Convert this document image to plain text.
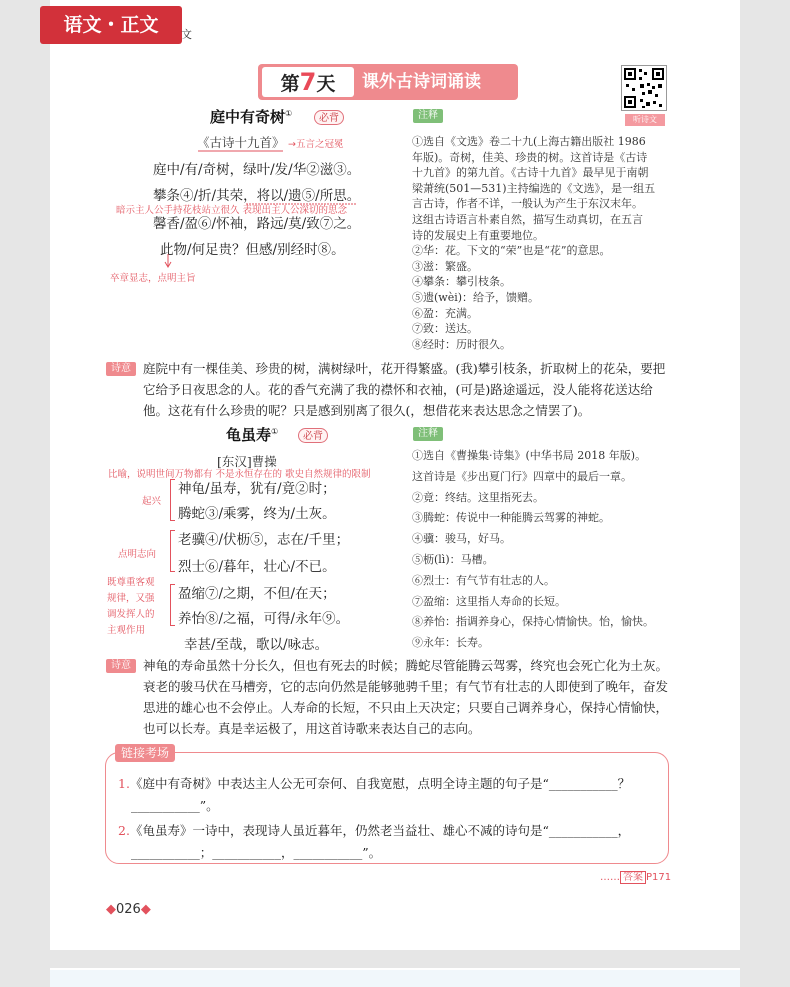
语文・正文	文
第7天	课外古诗词诵读
听诗文
庭中有奇树①	必背
《古诗十九首》 →五言之冠冕
庭中/有/奇树，绿叶/发/华②滋③。
攀条④/折/其荣，将以/遗⑤/所思。
暗示主人公手持花枝站立很久 表现出主人公深切的思念
馨香/盈⑥/怀袖，路远/莫/致⑦之。
此物/何足贵？但感/别经时⑧。
卒章显志，点明主旨
注释
①选自《文选》卷二十九(上海古籍出版社 1986
年版)。奇树，佳美、珍贵的树。这首诗是《古诗
十九首》的第九首。《古诗十九首》最早见于南朝
梁萧统(501—531)主持编选的《文选》，是一组五
言古诗，作者不详，一般认为产生于东汉末年。
这组古诗语言朴素自然，描写生动真切，在五言
诗的发展史上有重要地位。
②华：花。下文的“荣”也是“花”的意思。
③滋：繁盛。
④攀条：攀引枝条。
⑤遗(wèi)：给予，馈赠。
⑥盈：充满。
⑦致：送达。
⑧经时：历时很久。
诗意 庭院中有一棵佳美、珍贵的树，满树绿叶，花开得繁盛。(我)攀引枝条，折取树上的花朵，要把它给予日夜思念的人。花的香气充满了我的襟怀和衣袖，(可是)路途遥远，没人能将花送达给他。这花有什么珍贵的呢？只是感到别离了很久(，想借花来表达思念之情罢了)。
龟虽寿①	必背
[东汉]曹操
比喻，说明世间万物都有 不是永恒存在的 歌史自然规律的限制
神龟/虽寿，犹有/竟②时；
腾蛇③/乘雾，终为/土灰。
老骥④/伏枥⑤，志在/千里；
烈士⑥/暮年，壮心/不已。
盈缩⑦/之期，不但/在天；
养怡⑧/之福，可得/永年⑨。
幸甚/至哉，歌以/咏志。
起兴
点明志向
既尊重客观
规律，又强
调发挥人的
主观作用
注释
①选自《曹操集·诗集》(中华书局 2018 年版)。
这首诗是《步出夏门行》四章中的最后一章。
②竟：终结。这里指死去。
③腾蛇：传说中一种能腾云驾雾的神蛇。
④骥：骏马，好马。
⑤枥(lì)：马槽。
⑥烈士：有气节有壮志的人。
⑦盈缩：这里指人寿命的长短。
⑧养怡：指调养身心，保持心情愉快。怡，愉快。
⑨永年：长寿。
诗意 神龟的寿命虽然十分长久，但也有死去的时候；腾蛇尽管能腾云驾雾，终究也会死亡化为土灰。衰老的骏马伏在马槽旁，它的志向仍然是能够驰骋千里；有气节有壮志的人即使到了晚年，奋发思进的雄心也不会停止。人寿命的长短，不只由上天决定；只要自己调养身心，保持心情愉快，也可以长寿。真是幸运极了，用这首诗歌来表达自己的志向。
链接考场
1.《庭中有奇树》中表达主人公无可奈何、自我宽慰，点明全诗主题的句子是“___________？
___________”。
2.《龟虽寿》一诗中，表现诗人虽近暮年，仍然老当益壮、雄心不减的诗句是“___________，
___________；___________，___________”。
…… 答案 P171
◆026◆
